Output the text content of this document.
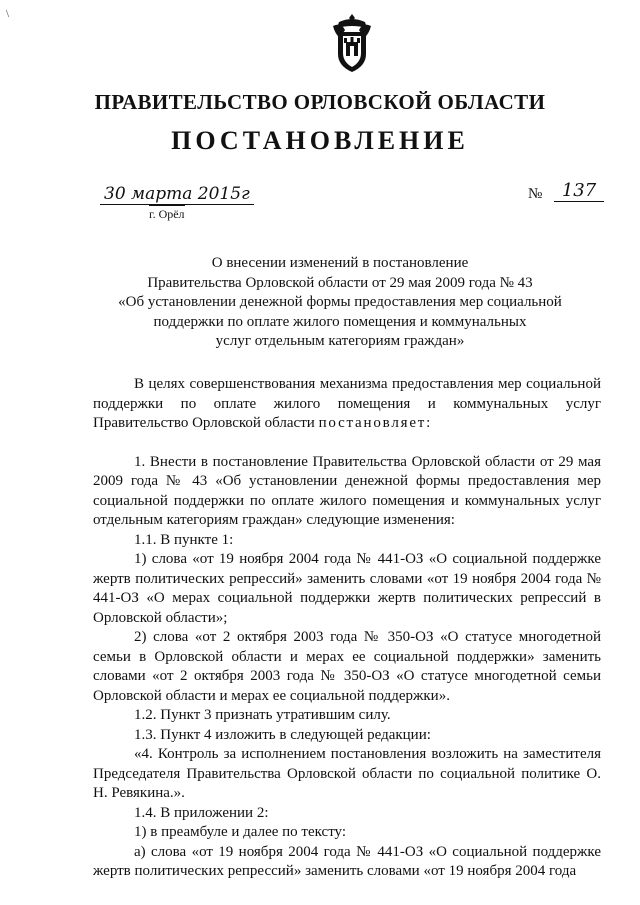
\
ПРАВИТЕЛЬСТВО ОРЛОВСКОЙ ОБЛАСТИ
ПОСТАНОВЛЕНИЕ
30 марта 2015г
г. Орёл
№	137
О внесении изменений в постановление
Правительства Орловской области от 29 мая 2009 года № 43
«Об установлении денежной формы предоставления мер социальной
поддержки по оплате жилого помещения и коммунальных
услуг отдельным категориям граждан»

В целях совершенствования механизма предоставления мер социальной поддержки по оплате жилого помещения и коммунальных услуг Правительство Орловской области постановляет:

1. Внести в постановление Правительства Орловской области от 29 мая 2009 года № 43 «Об установлении денежной формы предоставления мер социальной поддержки по оплате жилого помещения и коммунальных услуг отдельным категориям граждан» следующие изменения:

1.1. В пункте 1:

1) слова «от 19 ноября 2004 года № 441-ОЗ «О социальной поддержке жертв политических репрессий» заменить словами «от 19 ноября 2004 года № 441-ОЗ «О мерах социальной поддержки жертв политических репрессий в Орловской области»;

2) слова «от 2 октября 2003 года № 350-ОЗ «О статусе многодетной семьи в Орловской области и мерах ее социальной поддержки» заменить словами «от 2 октября 2003 года № 350-ОЗ «О статусе многодетной семьи Орловской области и мерах ее социальной поддержки».

1.2. Пункт 3 признать утратившим силу.

1.3. Пункт 4 изложить в следующей редакции:

«4. Контроль за исполнением постановления возложить на заместителя Председателя Правительства Орловской области по социальной политике О. Н. Ревякина.».

1.4. В приложении 2:

1) в преамбуле и далее по тексту:

а) слова «от 19 ноября 2004 года № 441-ОЗ «О социальной поддержке жертв политических репрессий» заменить словами «от 19 ноября 2004 года
